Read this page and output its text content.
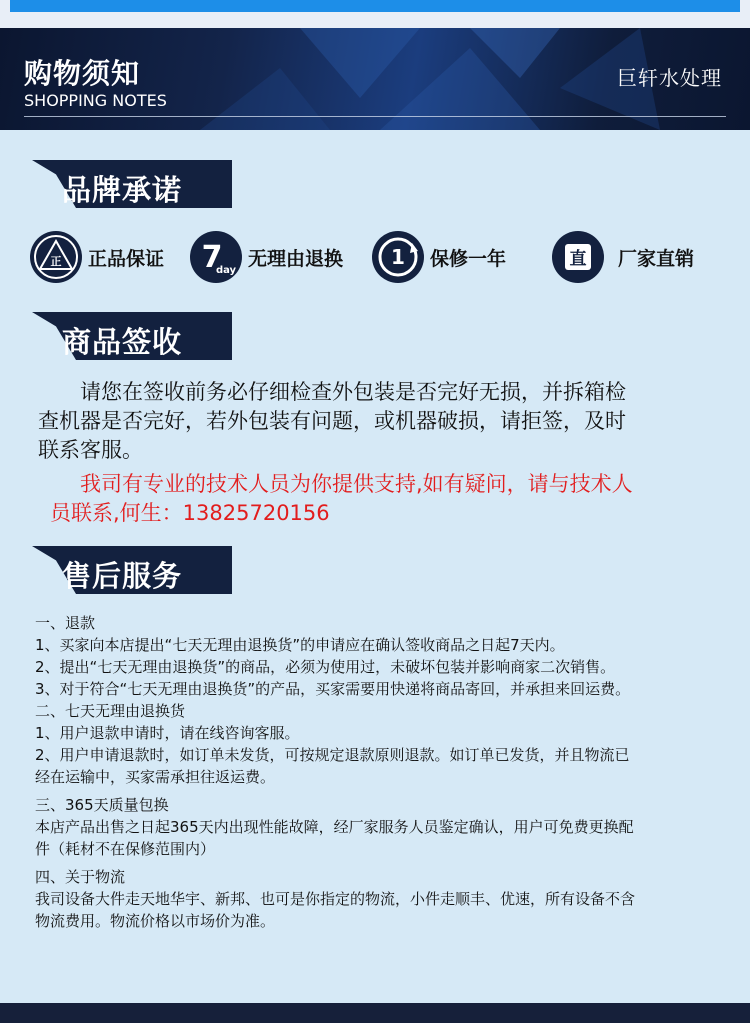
购物须知
SHOPPING NOTES
巨轩水处理
品牌承诺
正 正品保证 7
day
无理由退换 1 保修一年	直 厂家直销
商品签收
请您在签收前务必仔细检查外包装是否完好无损，并拆箱检
查机器是否完好，若外包装有问题，或机器破损，请拒签，及时
联系客服。
我司有专业的技术人员为你提供支持,如有疑问，请与技术人
员联系,何生：13825720156
售后服务
一、退款
1、买家向本店提出“七天无理由退换货”的申请应在确认签收商品之日起7天内。
2、提出“七天无理由退换货”的商品，必须为使用过，未破坏包装并影响商家二次销售。
3、对于符合“七天无理由退换货”的产品，买家需要用快递将商品寄回，并承担来回运费。
二、七天无理由退换货
1、用户退款申请时，请在线咨询客服。
2、用户申请退款时，如订单未发货，可按规定退款原则退款。如订单已发货，并且物流已
经在运输中，买家需承担往返运费。
三、365天质量包换
本店产品出售之日起365天内出现性能故障，经厂家服务人员鉴定确认，用户可免费更换配
件（耗材不在保修范围内）
四、关于物流
我司设备大件走天地华宇、新邦、也可是你指定的物流，小件走顺丰、优速，所有设备不含
物流费用。物流价格以市场价为准。
